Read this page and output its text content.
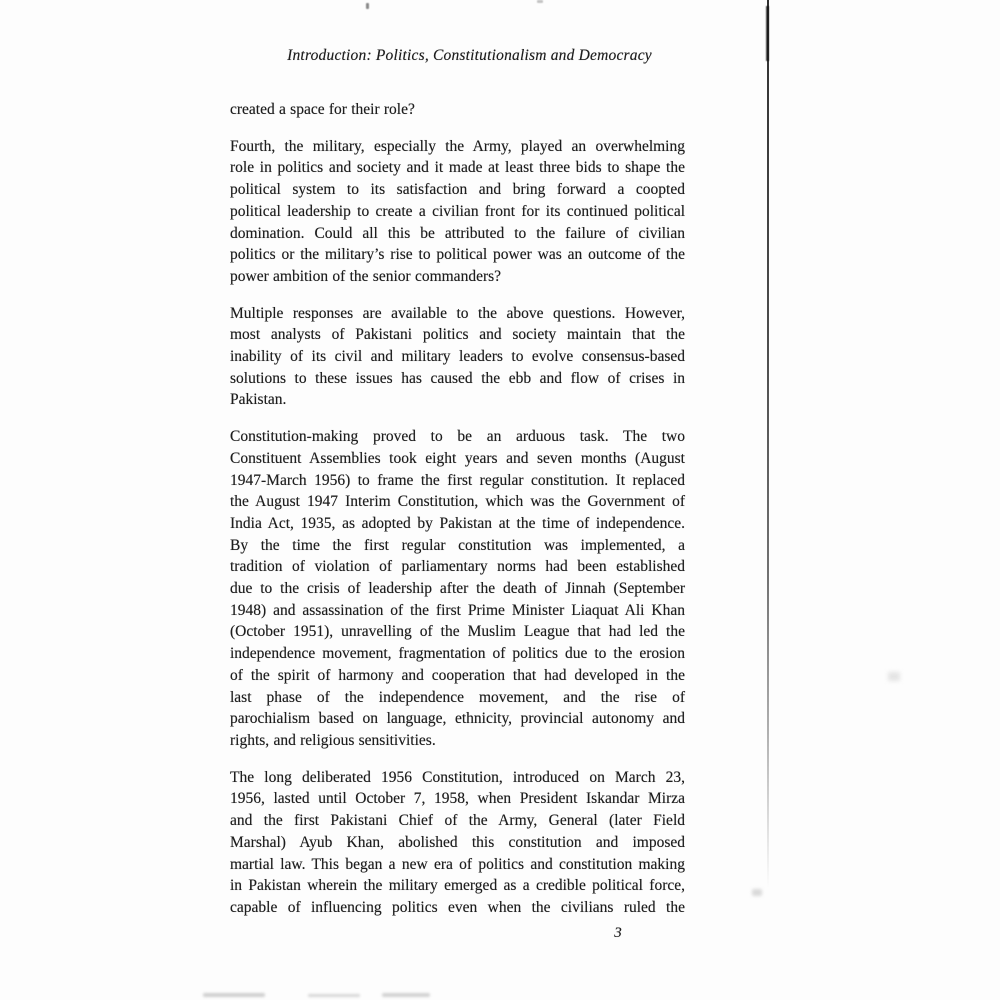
Introduction: Politics, Constitutionalism and Democracy
created a space for their role?
Fourth, the military, especially the Army, played an overwhelming
role in politics and society and it made at least three bids to shape the
political system to its satisfaction and bring forward a coopted
political leadership to create a civilian front for its continued political
domination. Could all this be attributed to the failure of civilian
politics or the military’s rise to political power was an outcome of the
power ambition of the senior commanders?
Multiple responses are available to the above questions. However,
most analysts of Pakistani politics and society maintain that the
inability of its civil and military leaders to evolve consensus-based
solutions to these issues has caused the ebb and flow of crises in
Pakistan.
Constitution-making proved to be an arduous task. The two
Constituent Assemblies took eight years and seven months (August
1947-March 1956) to frame the first regular constitution. It replaced
the August 1947 Interim Constitution, which was the Government of
India Act, 1935, as adopted by Pakistan at the time of independence.
By the time the first regular constitution was implemented, a
tradition of violation of parliamentary norms had been established
due to the crisis of leadership after the death of Jinnah (September
1948) and assassination of the first Prime Minister Liaquat Ali Khan
(October 1951), unravelling of the Muslim League that had led the
independence movement, fragmentation of politics due to the erosion
of the spirit of harmony and cooperation that had developed in the
last phase of the independence movement, and the rise of
parochialism based on language, ethnicity, provincial autonomy and
rights, and religious sensitivities.
The long deliberated 1956 Constitution, introduced on March 23,
1956, lasted until October 7, 1958, when President Iskandar Mirza
and the first Pakistani Chief of the Army, General (later Field
Marshal) Ayub Khan, abolished this constitution and imposed
martial law. This began a new era of politics and constitution making
in Pakistan wherein the military emerged as a credible political force,
capable of influencing politics even when the civilians ruled the
3
